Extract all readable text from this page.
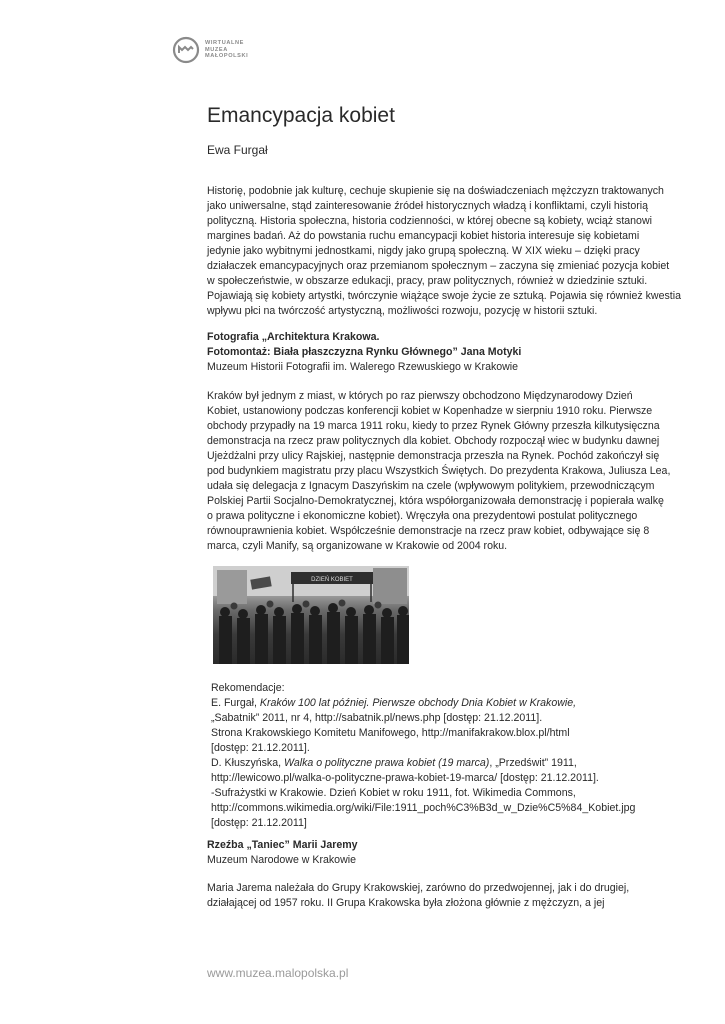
WIRTUALNE
MUZEA
MAŁOPOLSKI
Emancypacja kobiet
Ewa Furgał
Historię, podobnie jak kulturę, cechuje skupienie się na doświadczeniach mężczyzn traktowanych
jako uniwersalne, stąd zainteresowanie źródeł historycznych władzą i konfliktami, czyli historią
polityczną. Historia społeczna, historia codzienności, w której obecne są kobiety, wciąż stanowi
margines badań. Aż do powstania ruchu emancypacji kobiet historia interesuje się kobietami
jedynie jako wybitnymi jednostkami, nigdy jako grupą społeczną. W XIX wieku – dzięki pracy
działaczek emancypacyjnych oraz przemianom społecznym – zaczyna się zmieniać pozycja kobiet
w społeczeństwie, w obszarze edukacji, pracy, praw politycznych, również w dziedzinie sztuki.
Pojawiają się kobiety artystki, twórczynie wiążące swoje życie ze sztuką. Pojawia się również kwestia
wpływu płci na twórczość artystyczną, możliwości rozwoju, pozycję w historii sztuki.
Fotografia „Architektura Krakowa.
Fotomontaż: Biała płaszczyzna Rynku Głównego” Jana Motyki
Muzeum Historii Fotografii im. Walerego Rzewuskiego w Krakowie
Kraków był jednym z miast, w których po raz pierwszy obchodzono Międzynarodowy Dzień
Kobiet, ustanowiony podczas konferencji kobiet w Kopenhadze w sierpniu 1910 roku. Pierwsze
obchody przypadły na 19 marca 1911 roku, kiedy to przez Rynek Główny przeszła kilkutysięczna
demonstracja na rzecz praw politycznych dla kobiet. Obchody rozpoczął wiec w budynku dawnej
Ujeżdżalni przy ulicy Rajskiej, następnie demonstracja przeszła na Rynek. Pochód zakończył się
pod budynkiem magistratu przy placu Wszystkich Świętych. Do prezydenta Krakowa, Juliusza Lea,
udała się delegacja z Ignacym Daszyńskim na czele (wpływowym politykiem, przewodniczącym
Polskiej Partii Socjalno-Demokratycznej, która współorganizowała demonstrację i popierała walkę
o prawa polityczne i ekonomiczne kobiet). Wręczyła ona prezydentowi postulat politycznego
równouprawnienia kobiet. Współcześnie demonstracje na rzecz praw kobiet, odbywające się 8
marca, czyli Manify, są organizowane w Krakowie od 2004 roku.
DZIEŃ KOBIET
Rekomendacje:
E. Furgał, Kraków 100 lat później. Pierwsze obchody Dnia Kobiet w Krakowie,
„Sabatnik” 2011, nr 4, http://sabatnik.pl/news.php [dostęp: 21.12.2011].
Strona Krakowskiego Komitetu Manifowego, http://manifakrakow.blox.pl/html
[dostęp: 21.12.2011].
D. Kłuszyńska, Walka o polityczne prawa kobiet (19 marca), „Przedświt” 1911,
http://lewicowo.pl/walka-o-polityczne-prawa-kobiet-19-marca/ [dostęp: 21.12.2011].
-Sufrażystki w Krakowie. Dzień Kobiet w roku 1911, fot. Wikimedia Commons,
http://commons.wikimedia.org/wiki/File:1911_poch%C3%B3d_w_Dzie%C5%84_Kobiet.jpg
[dostęp: 21.12.2011]
Rzeźba „Taniec” Marii Jaremy
Muzeum Narodowe w Krakowie
Maria Jarema należała do Grupy Krakowskiej, zarówno do przedwojennej, jak i do drugiej,
działającej od 1957 roku. II Grupa Krakowska była złożona głównie z mężczyzn, a jej
www.muzea.malopolska.pl
